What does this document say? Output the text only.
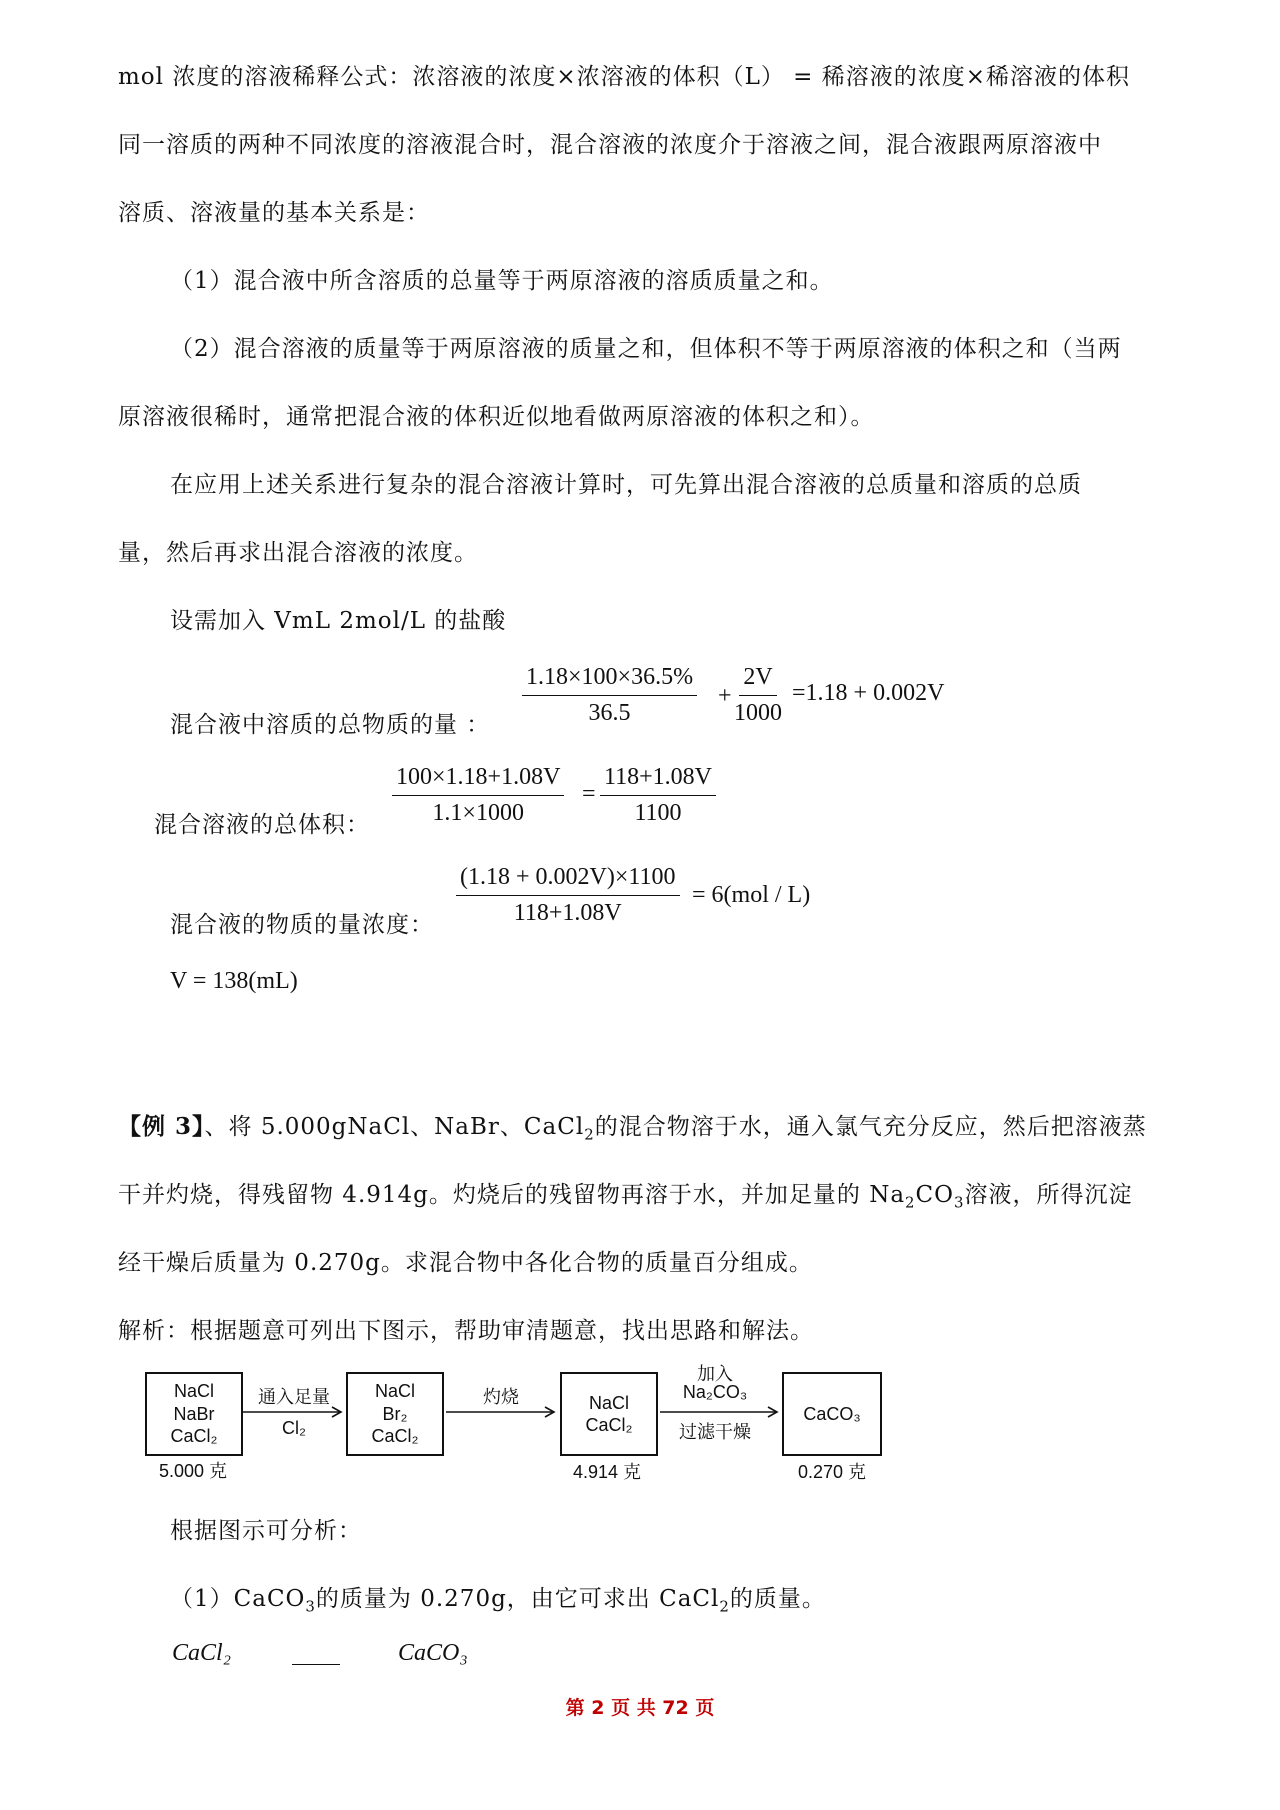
mol 浓度的溶液稀释公式：浓溶液的浓度×浓溶液的体积（L） = 稀溶液的浓度×稀溶液的体积
同一溶质的两种不同浓度的溶液混合时，混合溶液的浓度介于溶液之间，混合液跟两原溶液中
溶质、溶液量的基本关系是：
（1）混合液中所含溶质的总量等于两原溶液的溶质质量之和。
（2）混合溶液的质量等于两原溶液的质量之和，但体积不等于两原溶液的体积之和（当两
原溶液很稀时，通常把混合液的体积近似地看做两原溶液的体积之和）。
在应用上述关系进行复杂的混合溶液计算时，可先算出混合溶液的总质量和溶质的总质
量，然后再求出混合溶液的浓度。
设需加入 VmL 2mol/L 的盐酸
混合液中溶质的总物质的量 ： $\frac{1.18\times 100\times 36.5\%}{36.5} + \frac{2V}{1000} =1.18 + 0.002V$
混合溶液的总体积： $\frac{100\times 1.18+1.08V}{1.1\times 1000} = \frac{118+1.08V}{1100}$
混合液的物质的量浓度： $\frac{(1.18 + 0.002V)\times 1100}{118+1.08V} = 6(mol / L)$
V = 138(mL)
【例 3】、将 5.000gNaCl、NaBr、CaCl$_2$的混合物溶于水，通入氯气充分反应，然后把溶液蒸
干并灼烧，得残留物 4.914g。灼烧后的残留物再溶于水，并加足量的 $Na_2CO_3$溶液，所得沉淀
经干燥后质量为 0.270g。求混合物中各化合物的质量百分组成。
解析：根据题意可列出下图示，帮助审清题意，找出思路和解法。
NaCl
NaBr
CaCl₂
5.000 克
通入足量
Cl₂
NaCl
Br₂
CaCl₂
灼烧	NaCl
CaCl₂
4.914 克
加入
Na₂CO₃
过滤干燥
CaCO₃
0.270 克
根据图示可分析：
（1）CaCO$_3$的质量为 0.270g，由它可求出 CaCl$_2$的质量。
CaCl₂	CaCO₃
第 2 页 共 72 页
